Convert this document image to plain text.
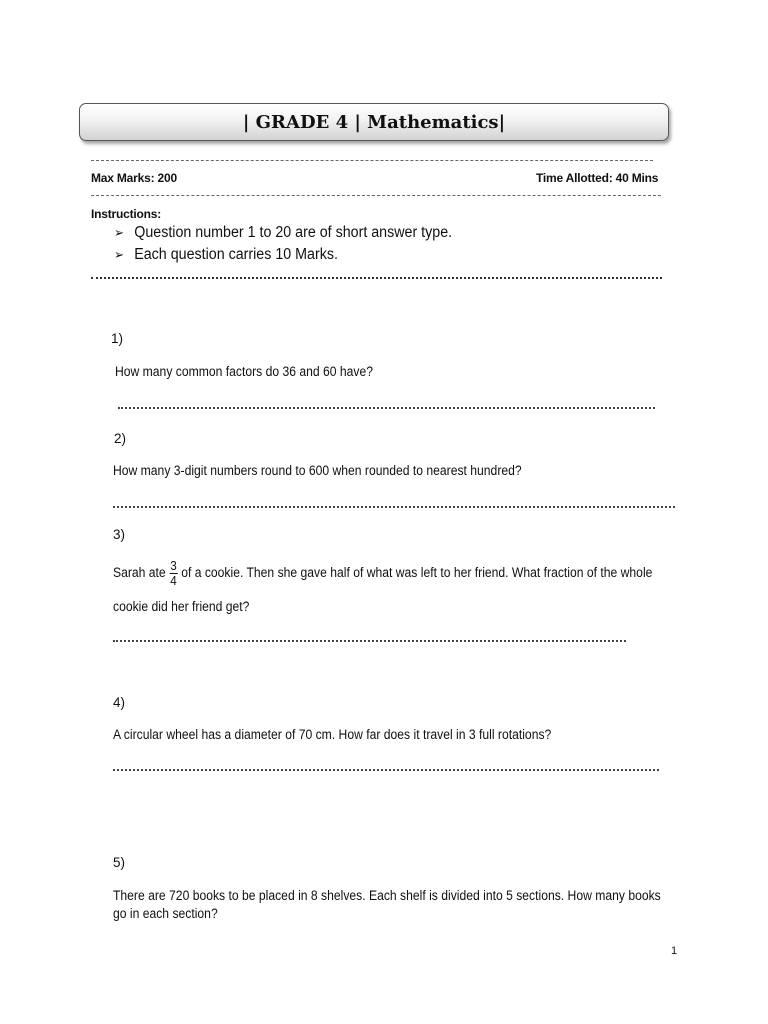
| GRADE 4 | Mathematics|
Max Marks: 200	Time Allotted: 40 Mins
Instructions:
➢ Question number 1 to 20 are of short answer type.
➢ Each question carries 10 Marks.
1)
How many common factors do 36 and 60 have?
2)
How many 3-digit numbers round to 600 when rounded to nearest hundred?
3)
Sarah ate $\frac{3}{4}$ of a cookie. Then she gave half of what was left to her friend. What fraction of the whole
cookie did her friend get?
4)
A circular wheel has a diameter of 70 cm. How far does it travel in 3 full rotations?
5)
There are 720 books to be placed in 8 shelves. Each shelf is divided into 5 sections. How many books
go in each section?
1
